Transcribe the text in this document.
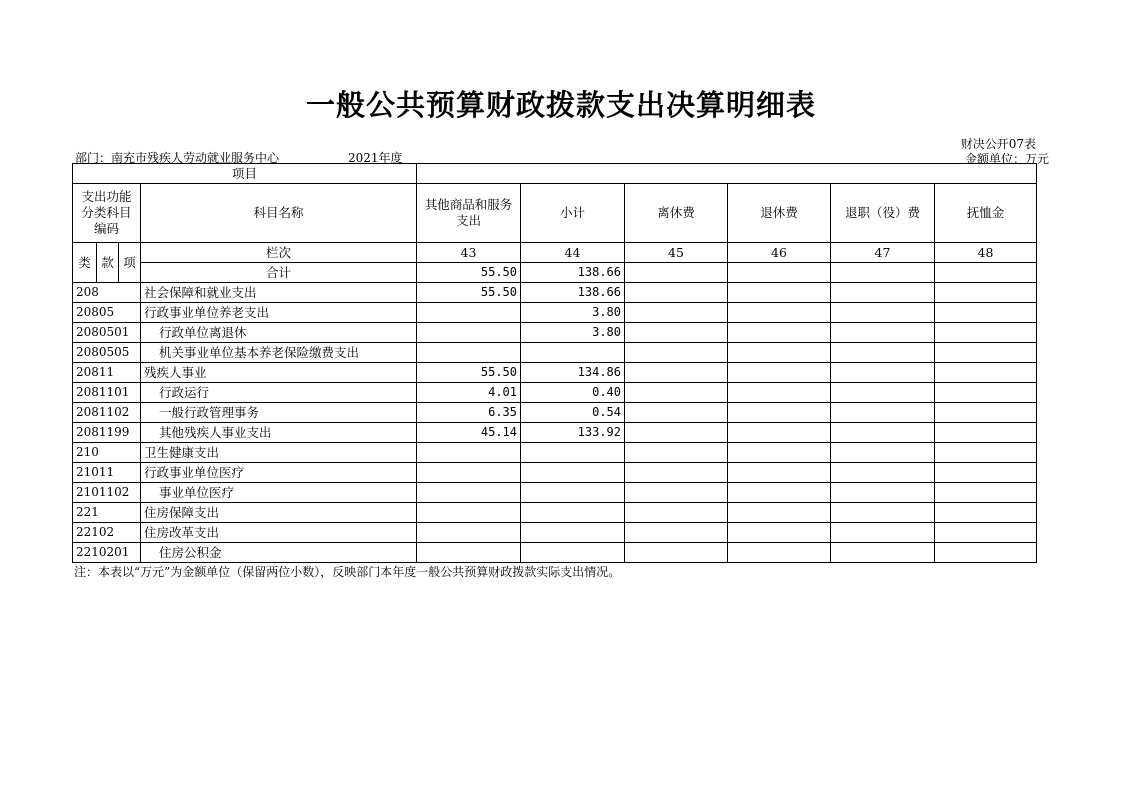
一般公共预算财政拨款支出决算明细表
财决公开07表
部门：南充市残疾人劳动就业服务中心	2021年度	金额单位：万元
项目									
支出功能分类科目编码			科目名称	其他商品和服务支出	小计	离休费	退休费	退职（役）费	抚恤金
类	款	项	栏次	43	44	45	46	47	48
			合计	55.50	138.66				
208			社会保障和就业支出	55.50	138.66				
20805			行政事业单位养老支出		3.80				
2080501			行政单位离退休		3.80				
2080505			机关事业单位基本养老保险缴费支出						
20811			残疾人事业	55.50	134.86				
2081101			行政运行	4.01	0.40				
2081102			一般行政管理事务	6.35	0.54				
2081199			其他残疾人事业支出	45.14	133.92				
210			卫生健康支出						
21011			行政事业单位医疗						
2101102			事业单位医疗						
221			住房保障支出						
22102			住房改革支出						
2210201			住房公积金						
注：本表以“万元”为金额单位（保留两位小数），反映部门本年度一般公共预算财政拨款实际支出情况。
